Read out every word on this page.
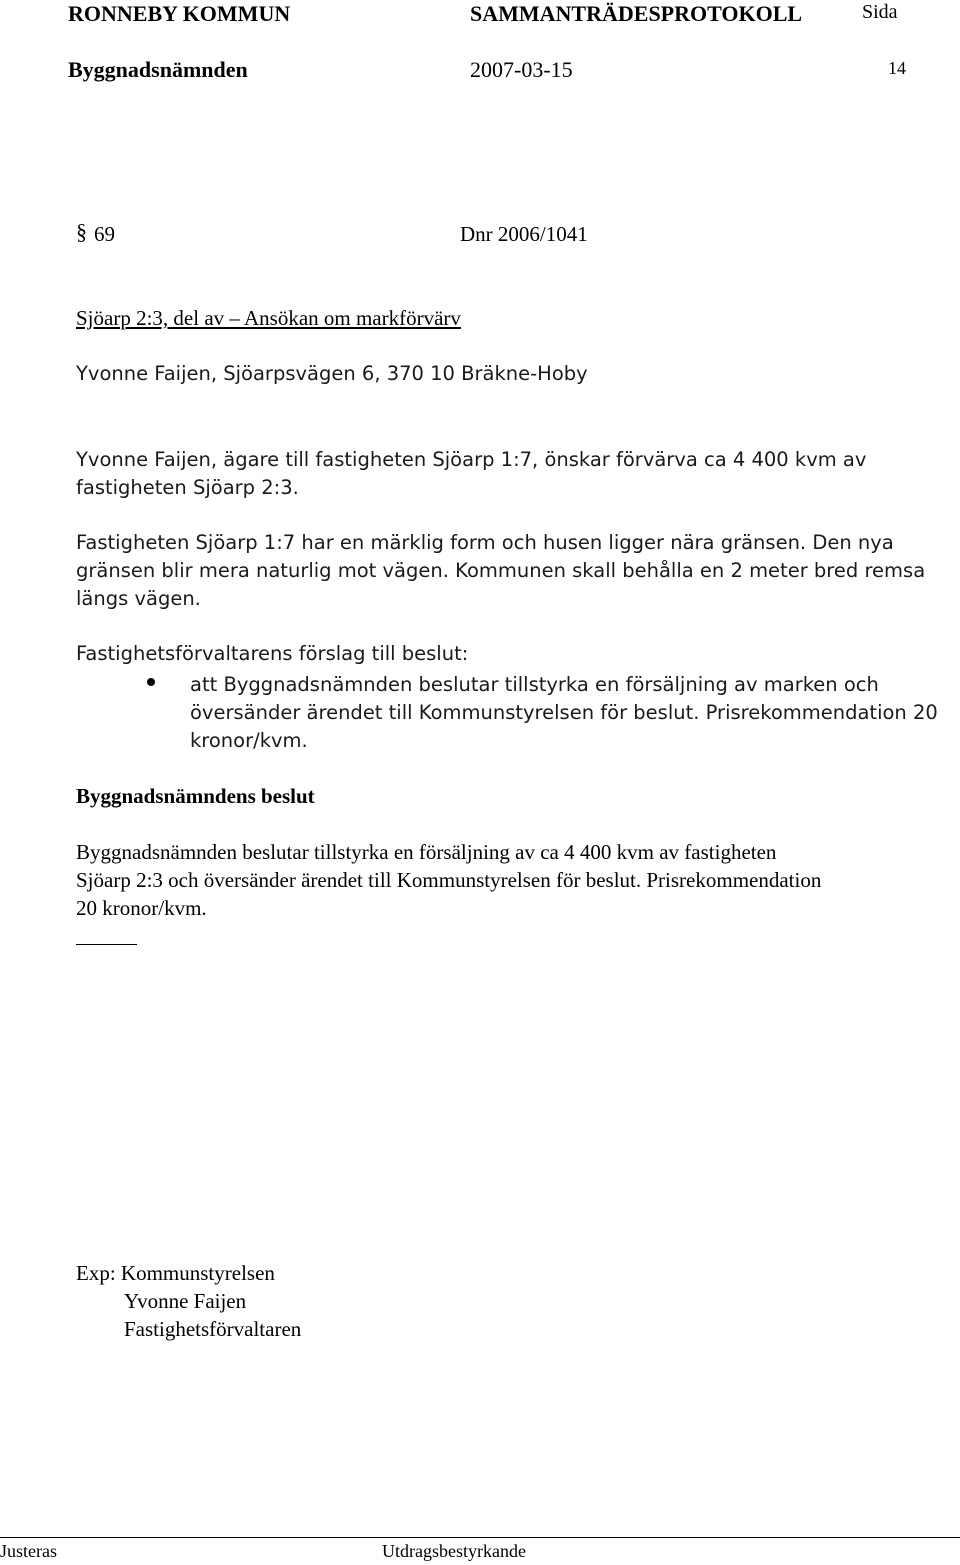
RONNEBY KOMMUN	SAMMANTRÄDESPROTOKOLL	Sida
Byggnadsnämnden	2007-03-15	14
§ 69	Dnr 2006/1041
Sjöarp 2:3, del av – Ansökan om markförvärv
Yvonne Faijen, Sjöarpsvägen 6, 370 10 Bräkne-Hoby
Yvonne Faijen, ägare till fastigheten Sjöarp 1:7, önskar förvärva ca 4 400 kvm av
fastigheten Sjöarp 2:3.
Fastigheten Sjöarp 1:7 har en märklig form och husen ligger nära gränsen. Den nya
gränsen blir mera naturlig mot vägen. Kommunen skall behålla en 2 meter bred remsa
längs vägen.
Fastighetsförvaltarens förslag till beslut:
att Byggnadsnämnden beslutar tillstyrka en försäljning av marken och
översänder ärendet till Kommunstyrelsen för beslut. Prisrekommendation 20
kronor/kvm.
Byggnadsnämndens beslut
Byggnadsnämnden beslutar tillstyrka en försäljning av ca 4 400 kvm av fastigheten
Sjöarp 2:3 och översänder ärendet till Kommunstyrelsen för beslut. Prisrekommendation
20 kronor/kvm.
Exp: Kommunstyrelsen
Yvonne Faijen
Fastighetsförvaltaren
Justeras	Utdragsbestyrkande
